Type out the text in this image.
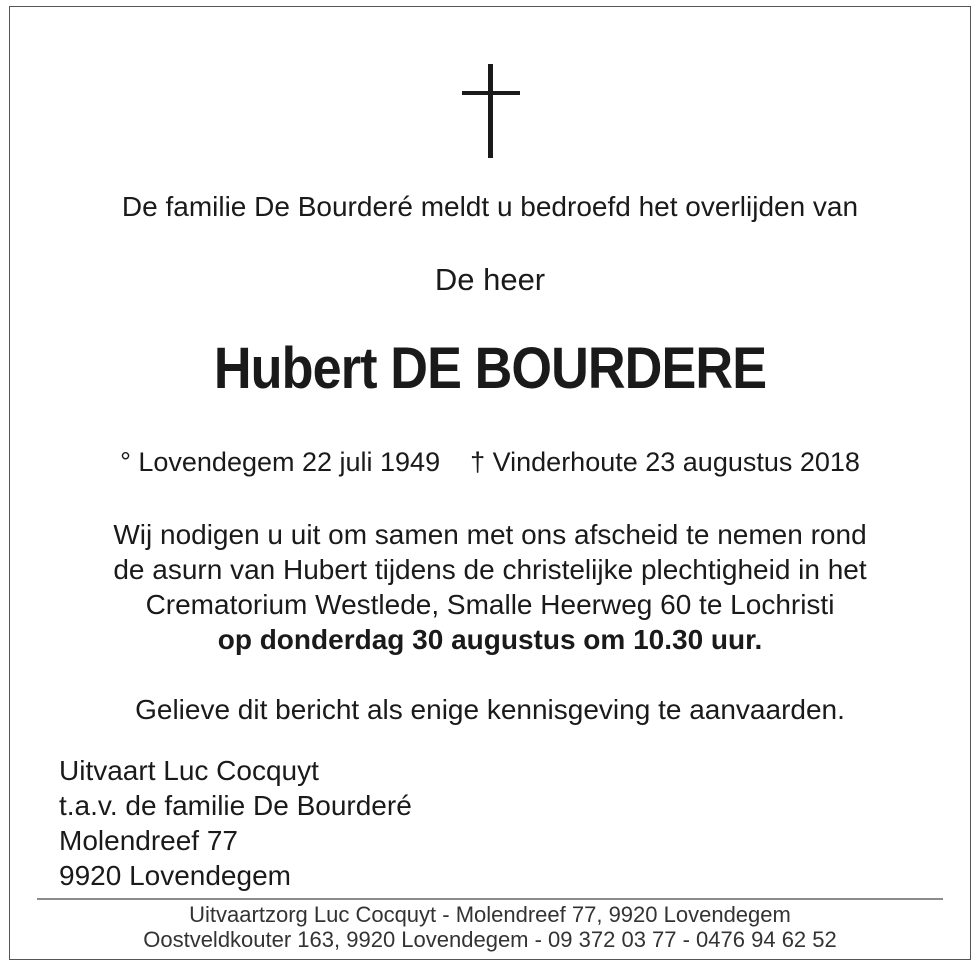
De familie De Bourderé meldt u bedroefd het overlijden van
De heer
Hubert DE BOURDERE
° Lovendegem 22 juli 1949 † Vinderhoute 23 augustus 2018
Wij nodigen u uit om samen met ons afscheid te nemen rond
de asurn van Hubert tijdens de christelijke plechtigheid in het
Crematorium Westlede, Smalle Heerweg 60 te Lochristi
op donderdag 30 augustus om 10.30 uur.
Gelieve dit bericht als enige kennisgeving te aanvaarden.
Uitvaart Luc Cocquyt
t.a.v. de familie De Bourderé
Molendreef 77
9920 Lovendegem
Uitvaartzorg Luc Cocquyt - Molendreef 77, 9920 Lovendegem
Oostveldkouter 163, 9920 Lovendegem - 09 372 03 77 - 0476 94 62 52
